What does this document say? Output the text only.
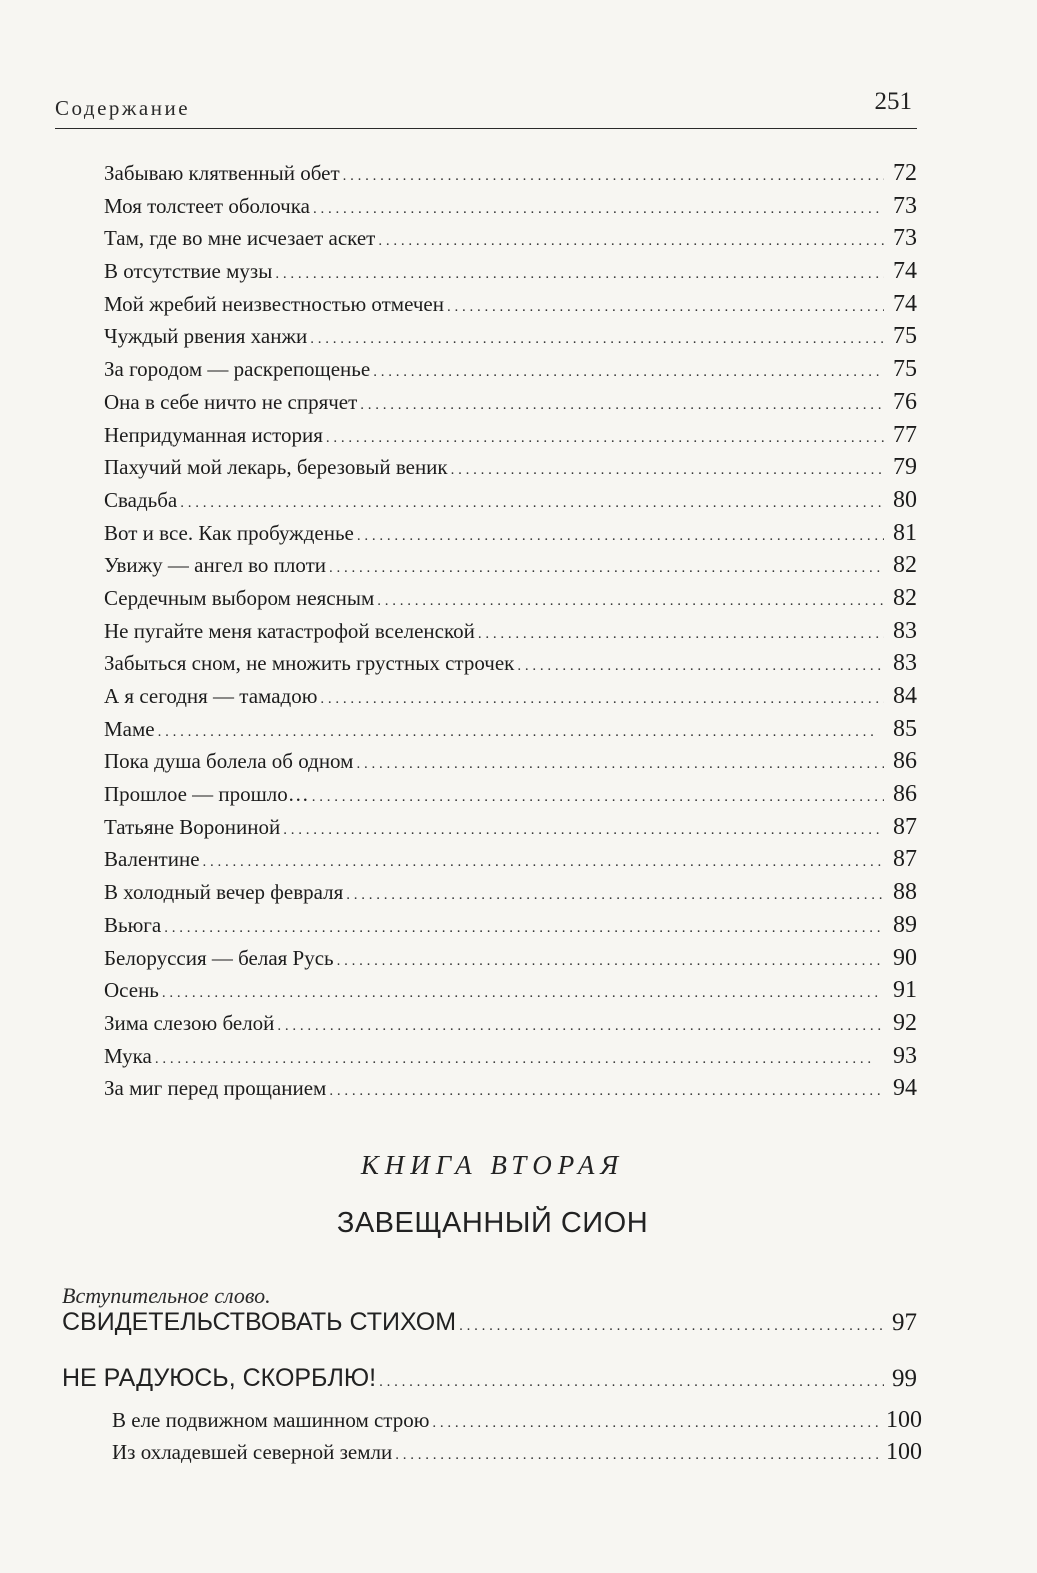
Содержание	251
Забываю клятвенный обет . . .	72
Моя толстеет оболочка . . .	73
Там, где во мне исчезает аскет . . .	73
В отсутствие музы . . .	74
Мой жребий неизвестностью отмечен . . .	74
Чуждый рвения ханжи . . .	75
За городом — раскрепощенье . . .	75
Она в себе ничто не спрячет . . .	76
Непридуманная история . . .	77
Пахучий мой лекарь, березовый веник . . .	79
Свадьба . . .	80
Вот и все. Как пробужденье . . .	81
Увижу — ангел во плоти . . .	82
Сердечным выбором неясным . . .	82
Не пугайте меня катастрофой вселенской . . .	83
Забыться сном, не множить грустных строчек . . .	83
А я сегодня — тамадою . . .	84
Маме . . .	85
Пока душа болела об одном . . .	86
Прошлое — прошло… . . .	86
Татьяне Ворониной . . .	87
Валентине . . .	87
В холодный вечер февраля . . .	88
Вьюга . . .	89
Белоруссия — белая Русь . . .	90
Осень . . .	91
Зима слезою белой . . .	92
Мука . . .	93
За миг перед прощанием . . .	94
КНИГА ВТОРАЯ
ЗАВЕЩАННЫЙ СИОН
Вступительное слово.
СВИДЕТЕЛЬСТВОВАТЬ СТИХОМ . . .	97
НЕ РАДУЮСЬ, СКОРБЛЮ! . . .	99
В еле подвижном машинном строю . . .	100
Из охладевшей северной земли . . .	100
